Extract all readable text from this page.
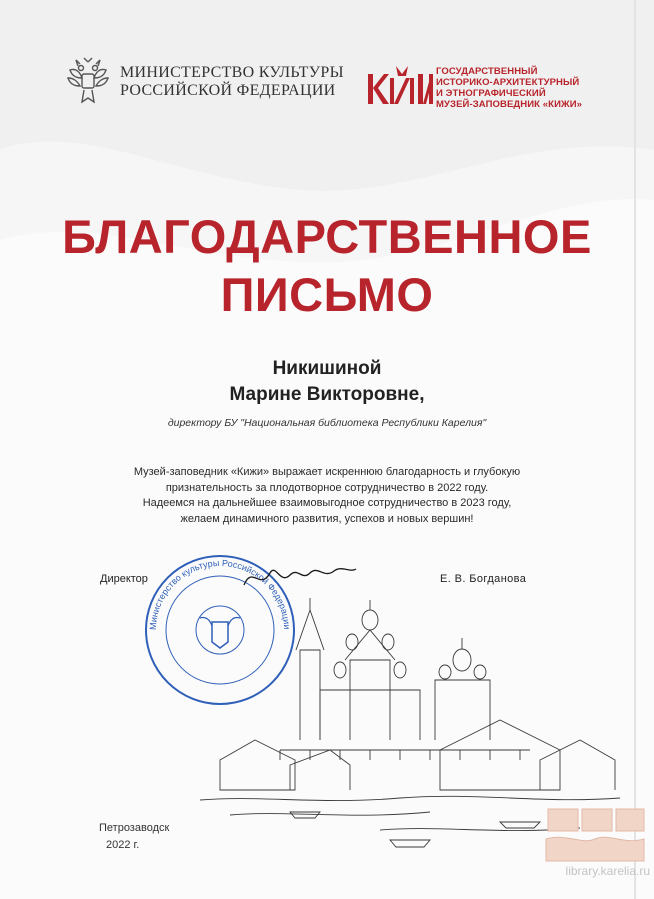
МИНИСТЕРСТВО КУЛЬТУРЫ
РОССИЙСКОЙ ФЕДЕРАЦИИ
ГОСУДАРСТВЕННЫЙ
ИСТОРИКО-АРХИТЕКТУРНЫЙ
И ЭТНОГРАФИЧЕСКИЙ
МУЗЕЙ-ЗАПОВЕДНИК «КИЖИ»
БЛАГОДАРСТВЕННОЕ
ПИСЬМО
Никишиной
Марине Викторовне,
директору БУ "Национальная библиотека Республики Карелия"
Музей-заповедник «Кижи» выражает искреннюю благодарность и глубокую
признательность за плодотворное сотрудничество в 2022 году.
Надеемся на дальнейшее взаимовыгодное сотрудничество в 2023 году,
желаем динамичного развития, успехов и новых вершин!
Директор	Е. В. Богданова
Министерство культуры Российской Федерации
Петрозаводск
2022 г.
library.karelia.ru
